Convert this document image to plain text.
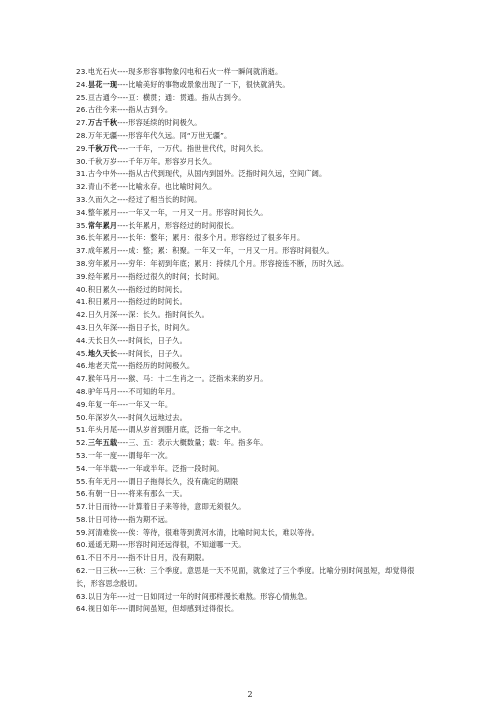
23.电光石火----现多形容事物象闪电和石火一样一瞬间就消逝。
24.昙花一现----比喻美好的事物或景象出现了一下，很快就消失。
25.亘古通今----亘：横贯；通：贯通。指从古到今。
26.古往今来----指从古到今。
27.万古千秋----形容延续的时间极久。
28.万年无疆----形容年代久远。同“万世无疆”。
29.千秋万代----一千年，一万代。指世世代代，时间久长。
30.千秋万岁----千年万年。形容岁月长久。
31.古今中外----指从古代到现代，从国内到国外。泛指时间久远，空间广阔。
32.青山不老----比喻永存。也比喻时间久。
33.久而久之----经过了相当长的时间。
34.整年累月----一年又一年，一月又一月。形容时间长久。
35.常年累月----长年累月，形容经过的时间很长。
36.长年累月----长年：整年；累月：很多个月。形容经过了很多年月。
37.成年累月----成：整；累：积聚。一年又一年，一月又一月。形容时间很久。
38.穷年累月----穷年：年初到年底；累月：持续几个月。形容接连不断，历时久远。
39.经年累月----指经过很久的时间；长时间。
40.积日累久----指经过的时间长。
41.积日累月----指经过的时间长。
42.日久月深----深：长久。指时间长久。
43.日久年深----指日子长，时间久。
44.天长日久----时间长，日子久。
45.地久天长----时间长，日子久。
46.地老天荒----指经历的时间极久。
47.猴年马月----猴、马：十二生肖之一。泛指未来的岁月。
48.驴年马月----不可知的年月。
49.年复一年----一年又一年。
50.年深岁久----时间久远地过去。
51.年头月尾----谓从岁首到腊月底，泛指一年之中。
52.三年五载----三、五：表示大概数量；载：年。指多年。
53.一年一度----谓每年一次。
54.一年半载----一年或半年。泛指一段时间。
55.有年无月----谓日子拖得长久，没有确定的期限
56.有朝一日----将来有那么一天。
57.计日而待----计算着日子来等待，意即无须很久。
58.计日可待----指为期不远。
59.河清难俟----俟：等待，很难等到黄河水清，比喻时间太长，难以等待。
60.遥遥无期----形容时间还远得很，不知道哪一天。
61.不日不月----指不计日月，没有期限。
62.一日三秋----三秋：三个季度。意思是一天不见面，就象过了三个季度。比喻分别时间虽短，却觉得很长，形容思念殷切。
63.以日为年----过一日如同过一年的时间那样漫长难熬。形容心情焦急。
64.视日如年----谓时间虽短，但却感到过得很长。
2
